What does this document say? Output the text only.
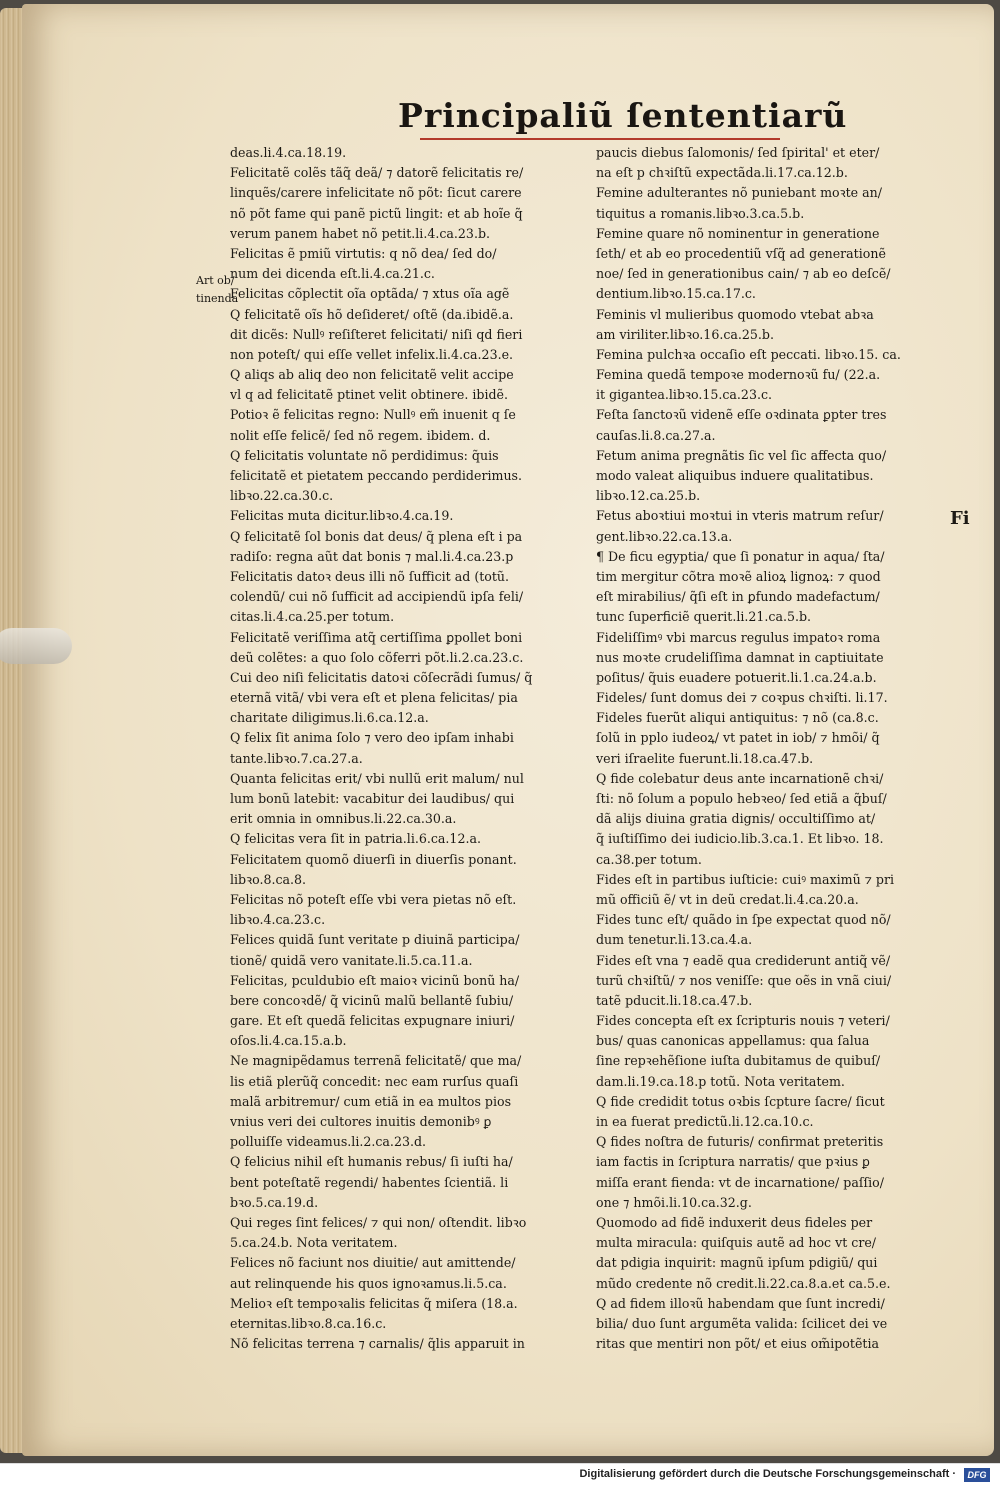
Principaliũ ſententiarũ
Art ob/
tinenda
deas.li.4.ca.18.19.
Felicitatẽ colẽs tãq̃ deã/ ⁊ datorẽ felicitatis re/
linquẽs/carere infelicitate nõ põt: ſicut carere
nõ põt fame qui panẽ pictũ lingit: et ab hoĩe q̃
verum panem habet nõ petit.li.4.ca.23.b.
Felicitas ẽ pmiũ virtutis: q nõ dea/ ſed do/
num dei dicenda eſt.li.4.ca.21.c.
Felicitas cõplectit oĩa optãda/ ⁊ xtus oĩa agẽ
Q felicitatẽ oĩs hõ deſideret/ oſtẽ (da.ibidẽ.a.
dit dicẽs: Nullꝰ reſiſteret felicitati/ niſi qd fieri
non poteſt/ qui eſſe vellet infelix.li.4.ca.23.e.
Q aliqs ab aliq deo non felicitatẽ velit accipe
vl q ad felicitatẽ ptinet velit obtinere. ibidẽ.
Potioꝛ ẽ felicitas regno: Nullꝰ em̃ inuenit q ſe
nolit eſſe felicẽ/ ſed nõ regem. ibidem. d.
Q felicitatis voluntate nõ perdidimus: q̃uis
felicitatẽ et pietatem peccando perdiderimus.
libꝛo.22.ca.30.c.
Felicitas muta dicitur.libꝛo.4.ca.19.
Q felicitatẽ ſol bonis dat deus/ q̃ plena eſt i pa
radiſo: regna aũt dat bonis ⁊ mal.li.4.ca.23.p
Felicitatis datoꝛ deus illi nõ ſufficit ad (totũ.
colendũ/ cui nõ ſufficit ad accipiendũ ipſa feli/
citas.li.4.ca.25.per totum.
Felicitatẽ veriſſima atq̃ certiſſima ꝑpollet boni
deũ colẽtes: a quo ſolo cõferri põt.li.2.ca.23.c.
Cui deo niſi felicitatis datoꝛi cõſecrãdi ſumus/ q̃
eternã vitã/ vbi vera eſt et plena felicitas/ pia
charitate diligimus.li.6.ca.12.a.
Q felix ſit anima ſolo ⁊ vero deo ipſam inhabi
tante.libꝛo.7.ca.27.a.
Quanta felicitas erit/ vbi nullũ erit malum/ nul
lum bonũ latebit: vacabitur dei laudibus/ qui
erit omnia in omnibus.li.22.ca.30.a.
Q felicitas vera ſit in patria.li.6.ca.12.a.
Felicitatem quomõ diuerſi in diuerſis ponant.
libꝛo.8.ca.8.
Felicitas nõ poteſt eſſe vbi vera pietas nõ eſt.
libꝛo.4.ca.23.c.
Felices quidã ſunt veritate p diuinã participa/
tionẽ/ quidã vero vanitate.li.5.ca.11.a.
Felicitas, pculdubio eſt maioꝛ vicinũ bonũ ha/
bere concoꝛdẽ/ q̃ vicinũ malũ bellantẽ ſubiu/
gare. Et eſt quedã felicitas expugnare iniuri/
oſos.li.4.ca.15.a.b.
Ne magnipẽdamus terrenã felicitatẽ/ que ma/
lis etiã plerũq̃ concedit: nec eam rurſus quaſi
malã arbitremur/ cum etiã in ea multos pios
vnius veri dei cultores inuitis demonibꝰ ꝑ
polluiſſe videamus.li.2.ca.23.d.
Q felicius nihil eſt humanis rebus/ ſi iuſti ha/
bent poteſtatẽ regendi/ habentes ſcientiã. li
bꝛo.5.ca.19.d.
Qui reges ſint felices/ ⁊ qui non/ oſtendit. libꝛo
5.ca.24.b. Nota veritatem.
Felices nõ faciunt nos diuitie/ aut amittende/
aut relinquende his quos ignoꝛamus.li.5.ca.
Melioꝛ eſt tempoꝛalis felicitas q̃ miſera (18.a.
eternitas.libꝛo.8.ca.16.c.
Nõ felicitas terrena ⁊ carnalis/ q̃lis apparuit in
paucis diebus ſalomonis/ ſed ſpirital' et eter/
na eſt p chꝛiſtũ expectãda.li.17.ca.12.b.
Femine adulterantes nõ puniebant moꝛte an/
tiquitus a romanis.libꝛo.3.ca.5.b.
Femine quare nõ nominentur in generatione
ſeth/ et ab eo procedentiũ vſq̃ ad generationẽ
noe/ ſed in generationibus cain/ ⁊ ab eo deſcẽ/
dentium.libꝛo.15.ca.17.c.
Feminis vl mulieribus quomodo vtebat abꝛa
am viriliter.libꝛo.16.ca.25.b.
Femina pulchꝛa occaſio eſt peccati. libꝛo.15. ca.
Femina quedã tempoꝛe modernoꝛũ fu/ (22.a.
it gigantea.libꝛo.15.ca.23.c.
Feſta ſanctoꝛũ videnẽ eſſe oꝛdinata ꝑpter tres
cauſas.li.8.ca.27.a.
Fetum anima pregnãtis ſic vel ſic affecta quo/
modo valeat aliquibus induere qualitatibus.
libꝛo.12.ca.25.b.
Fetus aboꝛtiui moꝛtui in vteris matrum reſur/
gent.libꝛo.22.ca.13.a.
¶ De ficu egyptia/ que ſi ponatur in aqua/ ſta/
tim mergitur cõtra moꝛẽ alioꝝ lignoꝝ: ⁊ quod
eſt mirabilius/ q̃ſi eſt in ꝑfundo madefactum/
tunc ſuperficiẽ querit.li.21.ca.5.b.
Fideliſſimꝰ vbi marcus regulus impatoꝛ roma
nus moꝛte crudeliſſima damnat in captiuitate
poſitus/ q̃uis euadere potuerit.li.1.ca.24.a.b.
Fideles/ ſunt domus dei ⁊ coꝛpus chꝛiſti. li.17.
Fideles fuerũt aliqui antiquitus: ⁊ nõ (ca.8.c.
ſolũ in pplo iudeoꝝ/ vt patet in iob/ ⁊ hmõi/ q̃
veri iſraelite fuerunt.li.18.ca.47.b.
Q fide colebatur deus ante incarnationẽ chꝛi/
ſti: nõ ſolum a populo hebꝛeo/ ſed etiã a q̃buſ/
dã alijs diuina gratia dignis/ occultiſſimo at/
q̃ iuſtiſſimo dei iudicio.lib.3.ca.1. Et libꝛo. 18.
ca.38.per totum.
Fides eſt in partibus iuſticie: cuiꝰ maximũ ⁊ pri
mũ officiũ ẽ/ vt in deũ credat.li.4.ca.20.a.
Fides tunc eſt/ quãdo in ſpe expectat quod nõ/
dum tenetur.li.13.ca.4.a.
Fides eſt vna ⁊ eadẽ qua crediderunt antiq̃ vẽ/
turũ chꝛiſtũ/ ⁊ nos veniſſe: que oẽs in vnã ciui/
tatẽ pducit.li.18.ca.47.b.
Fides concepta eſt ex ſcripturis nouis ⁊ veteri/
bus/ quas canonicas appellamus: qua ſalua
ſine repꝛehẽſione iuſta dubitamus de quibuſ/
dam.li.19.ca.18.p totũ. Nota veritatem.
Q fide credidit totus oꝛbis ſcpture ſacre/ ſicut
in ea fuerat predictũ.li.12.ca.10.c.
Q fides noſtra de futuris/ confirmat preteritis
iam factis in ſcriptura narratis/ que pꝛius ꝑ
miſſa erant fienda: vt de incarnatione/ paſſio/
one ⁊ hmõi.li.10.ca.32.g.
Quomodo ad fidẽ induxerit deus fideles per
multa miracula: quiſquis autẽ ad hoc vt cre/
dat pdigia inquirit: magnũ ipſum pdigiũ/ qui
mũdo credente nõ credit.li.22.ca.8.a.et ca.5.e.
Q ad fidem illoꝛũ habendam que ſunt incredi/
bilia/ duo ſunt argumẽta valida: ſcilicet dei ve
ritas que mentiri non põt/ et eius om̃ipotẽtia
Fi
Digitalisierung gefördert durch die Deutsche Forschungsgemeinschaft ·	DFG
